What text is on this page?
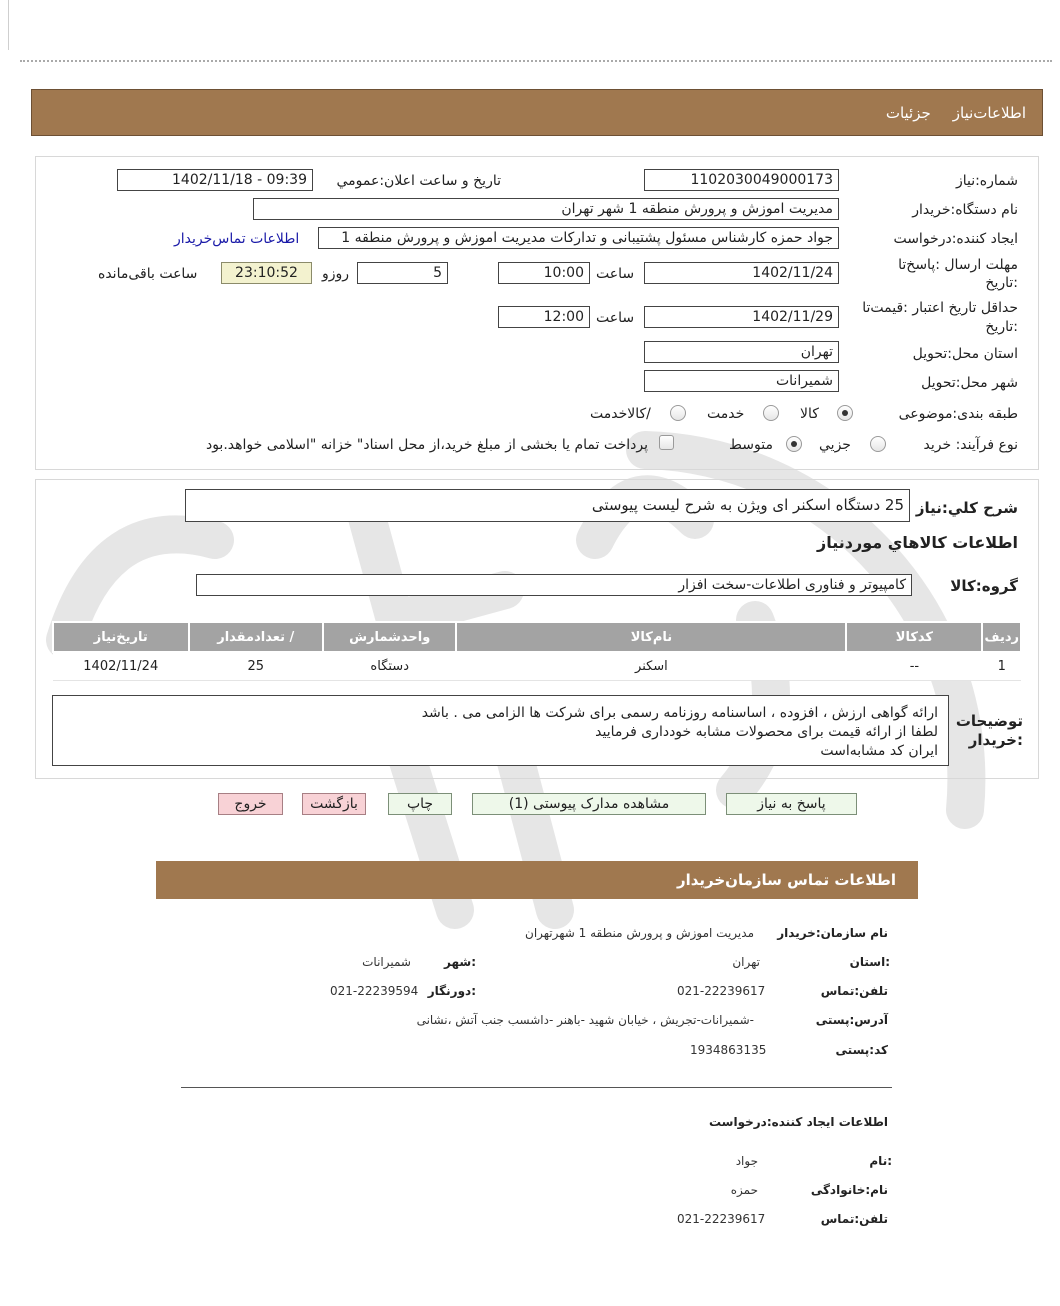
جزئیات اطلاعات‌نیاز
شماره:نیاز
1102030049000173
تاریخ و ساعت اعلان:عمومي
1402/11/18 - 09:39
نام دستگاه:خریدار
مدیریت اموزش و پرورش منطقه 1 شهر تهران
ایجاد کننده:درخواست
جواد حمزه کارشناس مسئول پشتیبانی و تدارکات مدیریت اموزش و پرورش منطقه 1
اطلاعات تماس‌خریدار
مهلت ارسال :پاسخ‌تا
:تاریخ
1402/11/24
ساعت
10:00
5
روزو
23:10:52
ساعت باقی‌مانده
حداقل تاریخ اعتبار :قیمت‌تا
:تاریخ
1402/11/29
ساعت
12:00
استان محل:تحویل
تهران
شهر محل:تحویل
شمیرانات
طبقه بندی:موضوعی
کالا
خدمت
/کالاخدمت
نوع فرآیند: خرید
جزيي
متوسط
پرداخت تمام یا بخشی از مبلغ خرید،از محل اسناد" خزانه "اسلامی خواهد.بود
شرح کلي:نیاز
25 دستگاه اسکنر ای ویژن به شرح لیست پیوستی
اطلاعات کالاهاي موردنیاز
گروه:کالا
کامپیوتر و فناوری اطلاعات-سخت افزار
ردیف	کدکالا	نام‌کالا	واحدشمارش	/ تعدادمقدار	تاریخ‌نیاز
1	--	اسکنر	دستگاه	25	1402/11/24
توضیحات
:خریدار
ارائه گواهی ارزش ، افزوده ، اساسنامه روزنامه رسمی برای شرکت ها الزامی می . باشد
لطفا از ارائه قیمت برای محصولات مشابه خودداری فرمایید
ایران کد مشابه‌است
پاسخ به نیاز
مشاهده مدارک پیوستی (1)
چاپ
بازگشت
خروج
اطلاعات تماس سازمان‌خریدار
نام سازمان:خریدار
مدیریت اموزش و پرورش منطقه 1 شهرتهران
:استان
تهران
:شهر
شمیرانات
تلفن:تماس
021-22239617
:دورنگار
021-22239594
آدرس:پستی
-شمیرانات-تجریش ، خیابان شهید -باهنر -داشسب جنب آتش ،نشانی
کد:پستی
1934863135
اطلاعات ایجاد کننده:درخواست
:نام
جواد
نام:خانوادگی
حمزه
تلفن:تماس
021-22239617
